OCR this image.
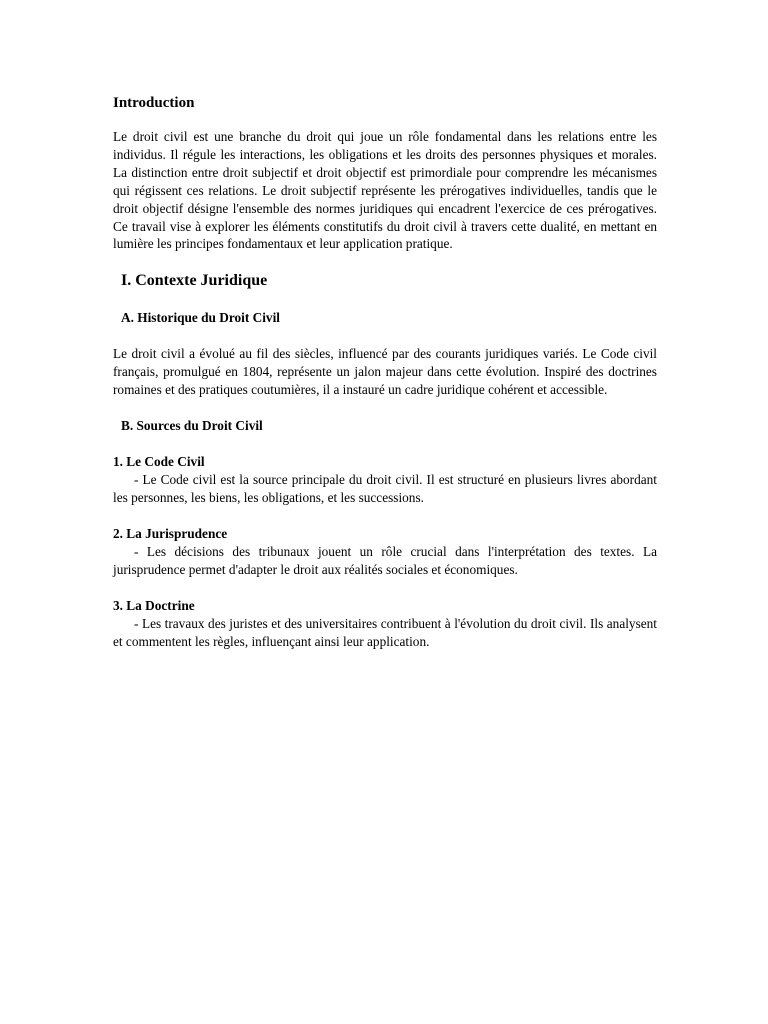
Introduction

Le droit civil est une branche du droit qui joue un rôle fondamental dans les relations entre les individus. Il régule les interactions, les obligations et les droits des personnes physiques et morales. La distinction entre droit subjectif et droit objectif est primordiale pour comprendre les mécanismes qui régissent ces relations. Le droit subjectif représente les prérogatives individuelles, tandis que le droit objectif désigne l'ensemble des normes juridiques qui encadrent l'exercice de ces prérogatives. Ce travail vise à explorer les éléments constitutifs du droit civil à travers cette dualité, en mettant en lumière les principes fondamentaux et leur application pratique.

I. Contexte Juridique
A. Historique du Droit Civil

Le droit civil a évolué au fil des siècles, influencé par des courants juridiques variés. Le Code civil français, promulgué en 1804, représente un jalon majeur dans cette évolution. Inspiré des doctrines romaines et des pratiques coutumières, il a instauré un cadre juridique cohérent et accessible.

B. Sources du Droit Civil
1. Le Code Civil

- Le Code civil est la source principale du droit civil. Il est structuré en plusieurs livres abordant les personnes, les biens, les obligations, et les successions.

2. La Jurisprudence

- Les décisions des tribunaux jouent un rôle crucial dans l'interprétation des textes. La jurisprudence permet d'adapter le droit aux réalités sociales et économiques.

3. La Doctrine

- Les travaux des juristes et des universitaires contribuent à l'évolution du droit civil. Ils analysent et commentent les règles, influençant ainsi leur application.
